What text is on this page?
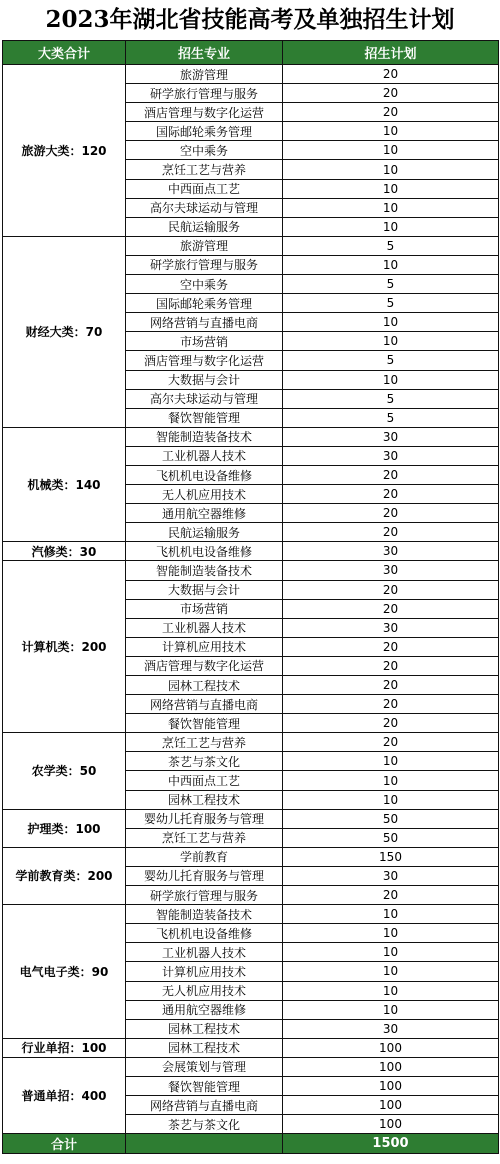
2023年湖北省技能高考及单独招生计划
大类合计	招生专业	招生计划
旅游大类：120	旅游管理	20
	研学旅行管理与服务	20
	酒店管理与数字化运营	20
	国际邮轮乘务管理	10
	空中乘务	10
	烹饪工艺与营养	10
	中西面点工艺	10
	高尔夫球运动与管理	10
	民航运输服务	10
财经大类：70	旅游管理	5
	研学旅行管理与服务	10
	空中乘务	5
	国际邮轮乘务管理	5
	网络营销与直播电商	10
	市场营销	10
	酒店管理与数字化运营	5
	大数据与会计	10
	高尔夫球运动与管理	5
	餐饮智能管理	5
机械类：140	智能制造装备技术	30
	工业机器人技术	30
	飞机机电设备维修	20
	无人机应用技术	20
	通用航空器维修	20
	民航运输服务	20
汽修类：30	飞机机电设备维修	30
计算机类：200	智能制造装备技术	30
	大数据与会计	20
	市场营销	20
	工业机器人技术	30
	计算机应用技术	20
	酒店管理与数字化运营	20
	园林工程技术	20
	网络营销与直播电商	20
	餐饮智能管理	20
农学类：50	烹饪工艺与营养	20
	茶艺与茶文化	10
	中西面点工艺	10
	园林工程技术	10
护理类：100	婴幼儿托育服务与管理	50
	烹饪工艺与营养	50
学前教育类：200	学前教育	150
	婴幼儿托育服务与管理	30
	研学旅行管理与服务	20
电气电子类：90	智能制造装备技术	10
	飞机机电设备维修	10
	工业机器人技术	10
	计算机应用技术	10
	无人机应用技术	10
	通用航空器维修	10
	园林工程技术	30
行业单招：100	园林工程技术	100
普通单招：400	会展策划与管理	100
	餐饮智能管理	100
	网络营销与直播电商	100
	茶艺与茶文化	100
合计		1500
